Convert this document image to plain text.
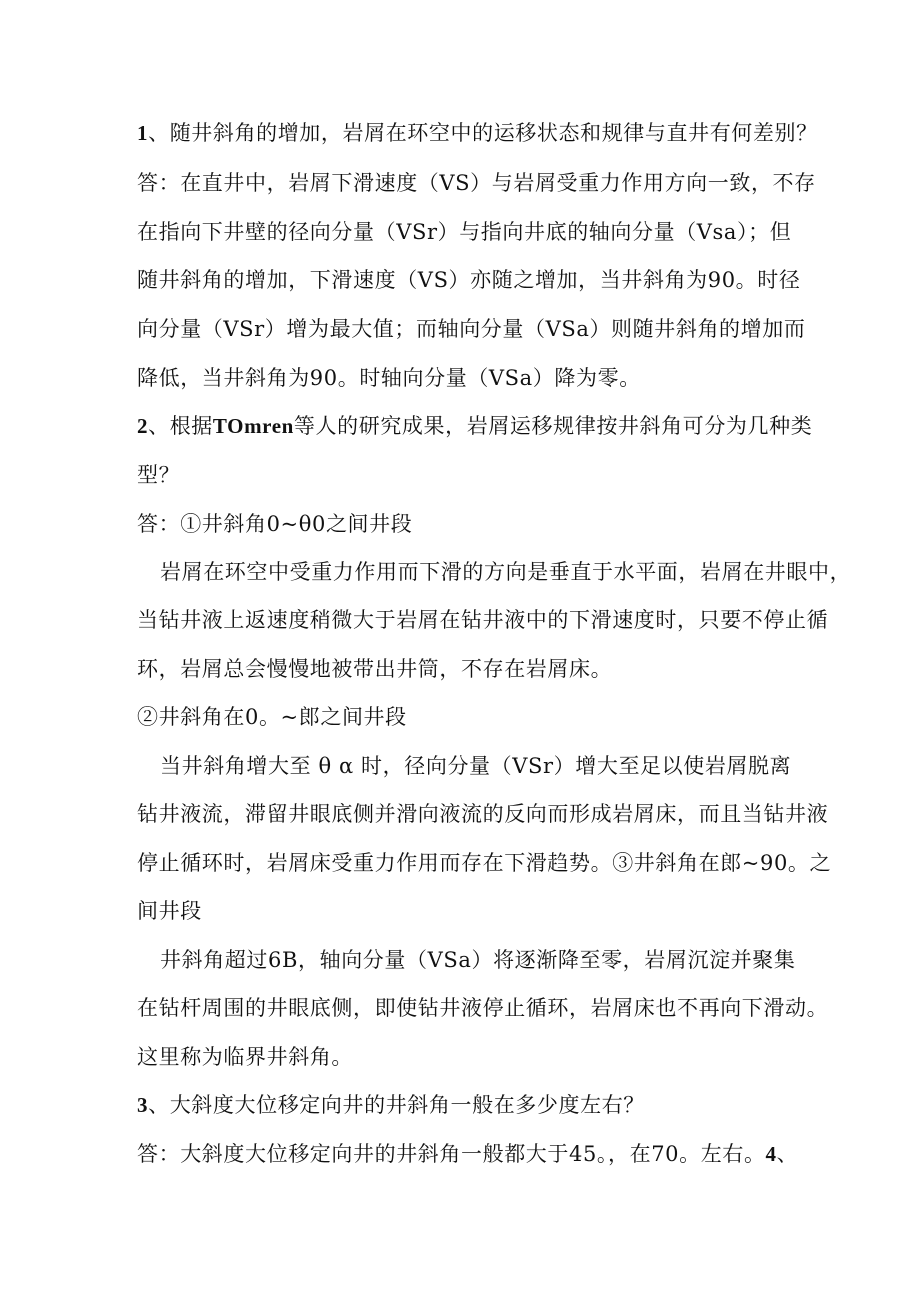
1、随井斜角的增加，岩屑在环空中的运移状态和规律与直井有何差别？
答：在直井中，岩屑下滑速度（VS）与岩屑受重力作用方向一致，不存
在指向下井壁的径向分量（VSr）与指向井底的轴向分量（Vsa）；但
随井斜角的增加，下滑速度（VS）亦随之增加，当井斜角为90。时径
向分量（VSr）增为最大值；而轴向分量（VSa）则随井斜角的增加而
降低，当井斜角为90。时轴向分量（VSa）降为零。
2、根据TOmren等人的研究成果，岩屑运移规律按井斜角可分为几种类
型？
答：①井斜角0~θ0之间井段
岩屑在环空中受重力作用而下滑的方向是垂直于水平面，岩屑在井眼中，
当钻井液上返速度稍微大于岩屑在钻井液中的下滑速度时，只要不停止循
环，岩屑总会慢慢地被带出井筒，不存在岩屑床。
②井斜角在0。~郎之间井段
当井斜角增大至 θ α 时，径向分量（VSr）增大至足以使岩屑脱离
钻井液流，滞留井眼底侧并滑向液流的反向而形成岩屑床，而且当钻井液
停止循环时，岩屑床受重力作用而存在下滑趋势。③井斜角在郎~90。之
间井段
井斜角超过6B，轴向分量（VSa）将逐渐降至零，岩屑沉淀并聚集
在钻杆周围的井眼底侧，即使钻井液停止循环，岩屑床也不再向下滑动。
这里称为临界井斜角。
3、大斜度大位移定向井的井斜角一般在多少度左右？
答：大斜度大位移定向井的井斜角一般都大于45。，在70。左右。4、
